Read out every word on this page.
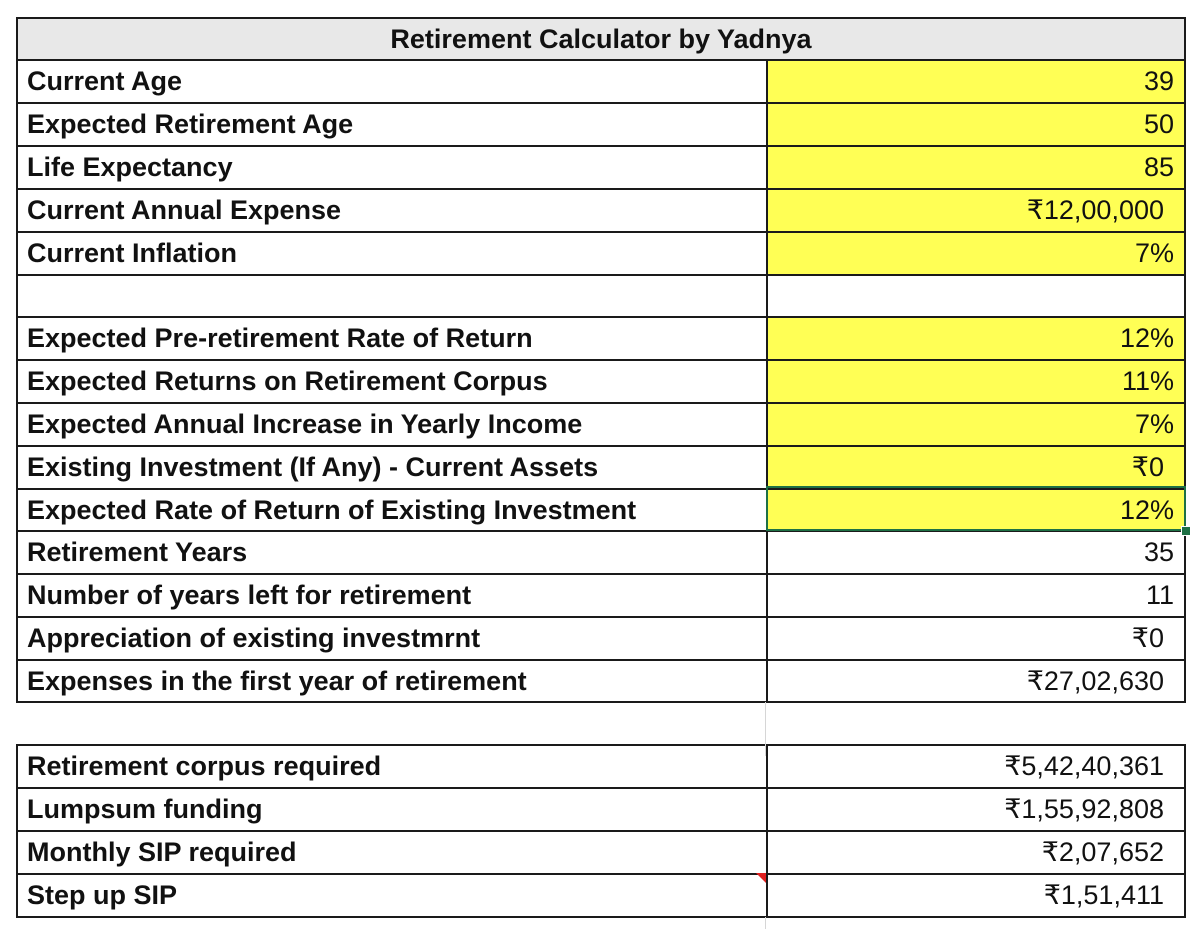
Retirement Calculator by Yadnya
Current Age	39
Expected Retirement Age	50
Life Expectancy	85
Current Annual Expense	₹12,00,000
Current Inflation	7%
Expected Pre-retirement Rate of Return	12%
Expected Returns on Retirement Corpus	11%
Expected Annual Increase in Yearly Income	7%
Existing Investment (If Any) - Current Assets	₹0
Expected Rate of Return of Existing Investment	12%
Retirement Years	35
Number of years left for retirement	11
Appreciation of existing investmrnt	₹0
Expenses in the first year of retirement	₹27,02,630
Retirement corpus required	₹5,42,40,361
Lumpsum funding	₹1,55,92,808
Monthly SIP required	₹2,07,652
Step up SIP	₹1,51,411
